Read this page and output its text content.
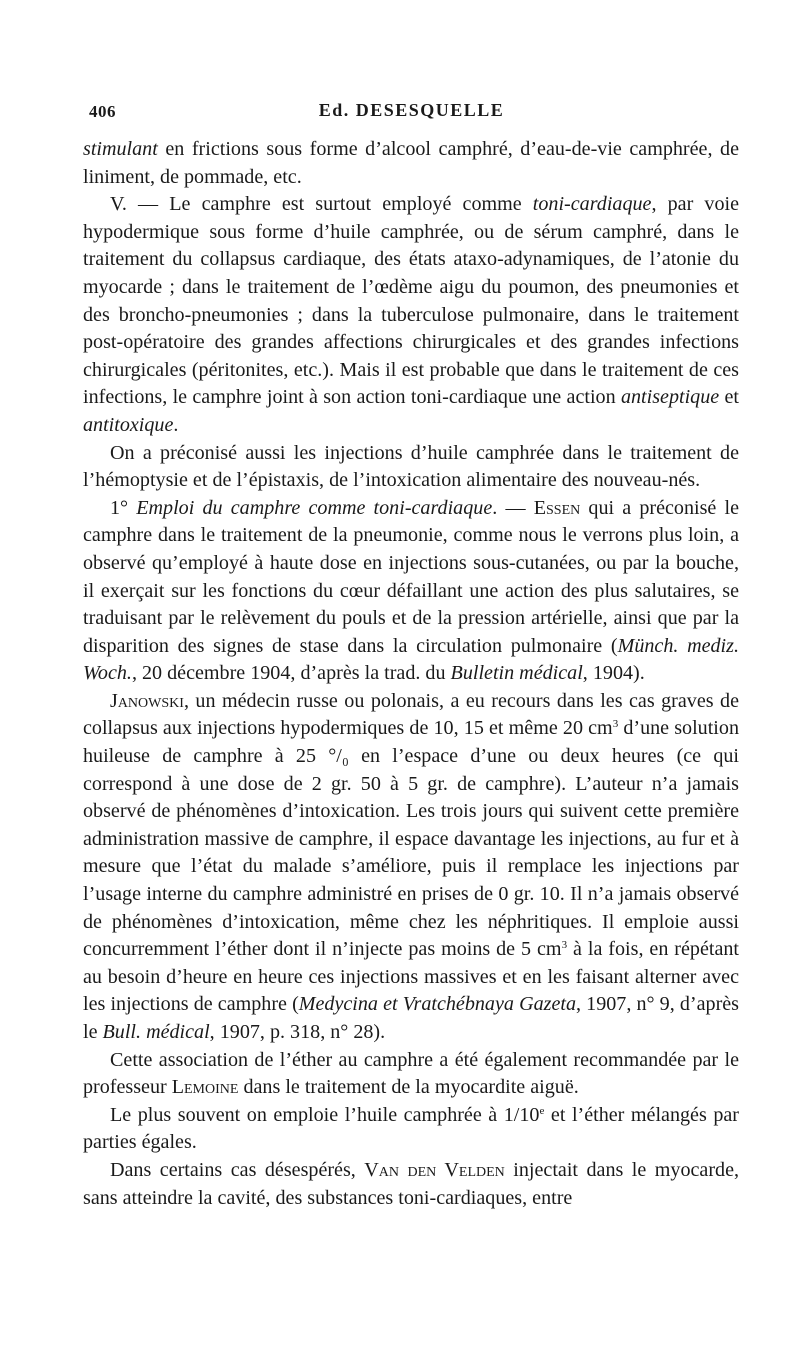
406	Ed. DESESQUELLE

stimulant en frictions sous forme d’alcool camphré, d’eau-de-vie camphrée, de liniment, de pommade, etc.

V. — Le camphre est surtout employé comme toni-cardiaque, par voie hypodermique sous forme d’huile camphrée, ou de sérum camphré, dans le traitement du collapsus cardiaque, des états ataxo-adynamiques, de l’atonie du myocarde ; dans le traitement de l’œdème aigu du poumon, des pneumonies et des broncho-pneumonies ; dans la tuberculose pulmonaire, dans le traitement post-opératoire des grandes affections chirurgicales et des grandes infections chirurgicales (péritonites, etc.). Mais il est probable que dans le traitement de ces infections, le camphre joint à son action toni-cardiaque une action antiseptique et antitoxique.

On a préconisé aussi les injections d’huile camphrée dans le traitement de l’hémoptysie et de l’épistaxis, de l’intoxication alimentaire des nouveau-nés.

1° Emploi du camphre comme toni-cardiaque. — Essen qui a préconisé le camphre dans le traitement de la pneumonie, comme nous le verrons plus loin, a observé qu’employé à haute dose en injections sous-cutanées, ou par la bouche, il exerçait sur les fonctions du cœur défaillant une action des plus salutaires, se traduisant par le relèvement du pouls et de la pression artérielle, ainsi que par la disparition des signes de stase dans la circulation pulmonaire (Münch. mediz. Woch., 20 décembre 1904, d’après la trad. du Bulletin médical, 1904).

Janowski, un médecin russe ou polonais, a eu recours dans les cas graves de collapsus aux injections hypodermiques de 10, 15 et même 20 $cm^3$ d’une solution huileuse de camphre à 25 °/₀ en l’espace d’une ou deux heures (ce qui correspond à une dose de 2 gr. 50 à 5 gr. de camphre). L’auteur n’a jamais observé de phénomènes d’intoxication. Les trois jours qui suivent cette première administration massive de camphre, il espace davantage les injections, au fur et à mesure que l’état du malade s’améliore, puis il remplace les injections par l’usage interne du camphre administré en prises de 0 gr. 10. Il n’a jamais observé de phénomènes d’intoxication, même chez les néphritiques. Il emploie aussi concurremment l’éther dont il n’injecte pas moins de 5 $cm^3$ à la fois, en répétant au besoin d’heure en heure ces injections massives et en les faisant alterner avec les injections de camphre (Medycina et Vratchébnaya Gazeta, 1907, n° 9, d’après le Bull. médical, 1907, p. 318, n° 28).

Cette association de l’éther au camphre a été également recommandée par le professeur Lemoine dans le traitement de la myocardite aiguë.

Le plus souvent on emploie l’huile camphrée à 1/10e et l’éther mélangés par parties égales.

Dans certains cas désespérés, Van den Velden injectait dans le myocarde, sans atteindre la cavité, des substances toni-cardiaques, entre
